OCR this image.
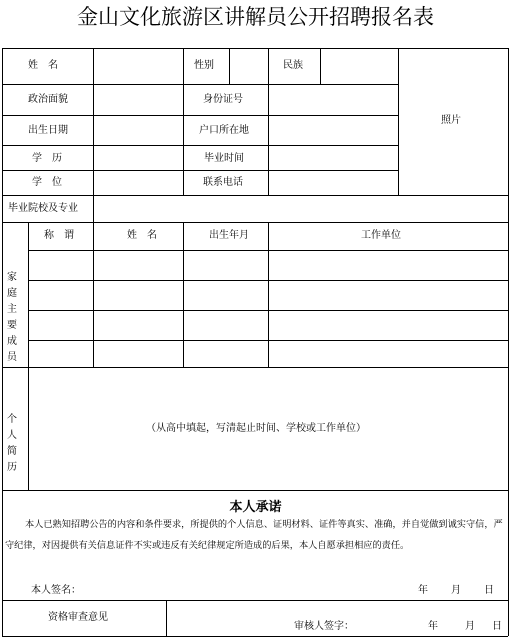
金山文化旅游区讲解员公开招聘报名表
姓　名	性别	民族
照片
政治面貌	身份证号
出生日期	户口所在地
学　历	毕业时间
学　位	联系电话
毕业院校及专业
家庭主要成员
称　谓	姓　名	出生年月	工作单位
个人简历
（从高中填起，写清起止时间、学校或工作单位）
本人承诺
本人已熟知招聘公告的内容和条件要求，所提供的个人信息、证明材料、证件等真实、准确，并自觉做到诚实守信，严守纪律，对因提供有关信息证件不实或违反有关纪律规定所造成的后果，本人自愿承担相应的责任。
本人签名：	年 月 日
资格审查意见
审核人签字：	年	月 日
